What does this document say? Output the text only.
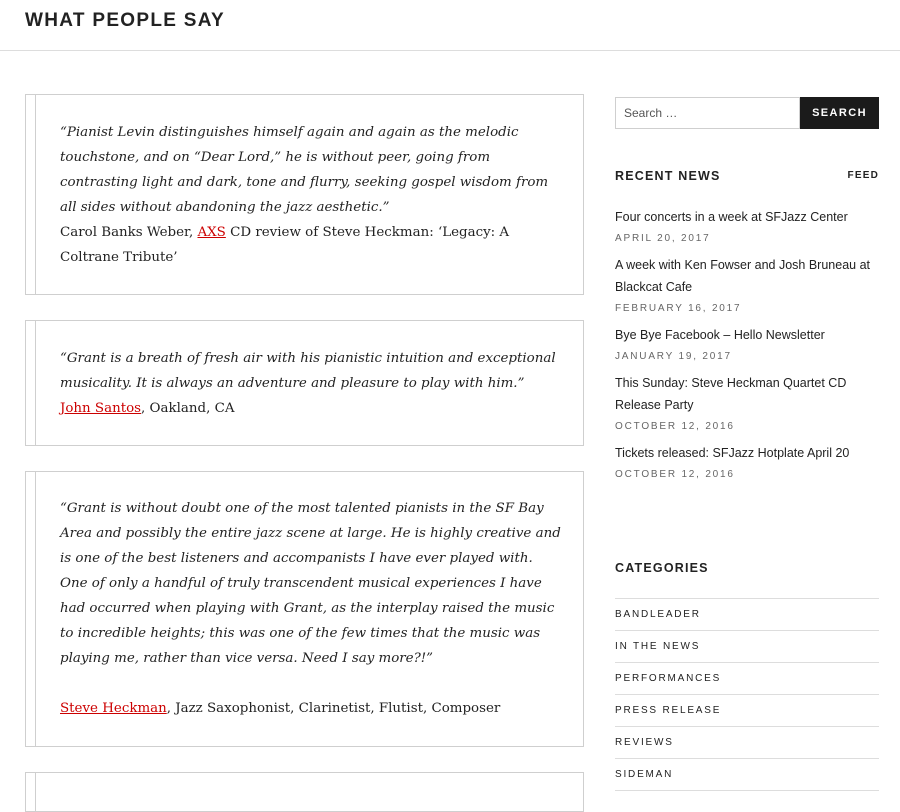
WHAT PEOPLE SAY
“Pianist Levin distinguishes himself again and again as the melodic touchstone, and on “Dear Lord,” he is without peer, going from contrasting light and dark, tone and flurry, seeking gospel wisdom from all sides without abandoning the jazz aesthetic.”
Carol Banks Weber, AXS CD review of Steve Heckman: ‘Legacy: A Coltrane Tribute’
“Grant is a breath of fresh air with his pianistic intuition and exceptional musicality. It is always an adventure and pleasure to play with him.”
John Santos, Oakland, CA
“Grant is without doubt one of the most talented pianists in the SF Bay Area and possibly the entire jazz scene at large. He is highly creative and is one of the best listeners and accompanists I have ever played with. One of only a handful of truly transcendent musical experiences I have had occurred when playing with Grant, as the interplay raised the music to incredible heights; this was one of the few times that the music was playing me, rather than vice versa. Need I say more?!”
Steve Heckman, Jazz Saxophonist, Clarinetist, Flutist, Composer
Search …
SEARCH
RECENT NEWS	FEED
Four concerts in a week at SFJazz Center
APRIL 20, 2017
A week with Ken Fowser and Josh Bruneau at Blackcat Cafe
FEBRUARY 16, 2017
Bye Bye Facebook – Hello Newsletter
JANUARY 19, 2017
This Sunday: Steve Heckman Quartet CD Release Party
OCTOBER 12, 2016
Tickets released: SFJazz Hotplate April 20
OCTOBER 12, 2016
CATEGORIES
BANDLEADER
IN THE NEWS
PERFORMANCES
PRESS RELEASE
REVIEWS
SIDEMAN
